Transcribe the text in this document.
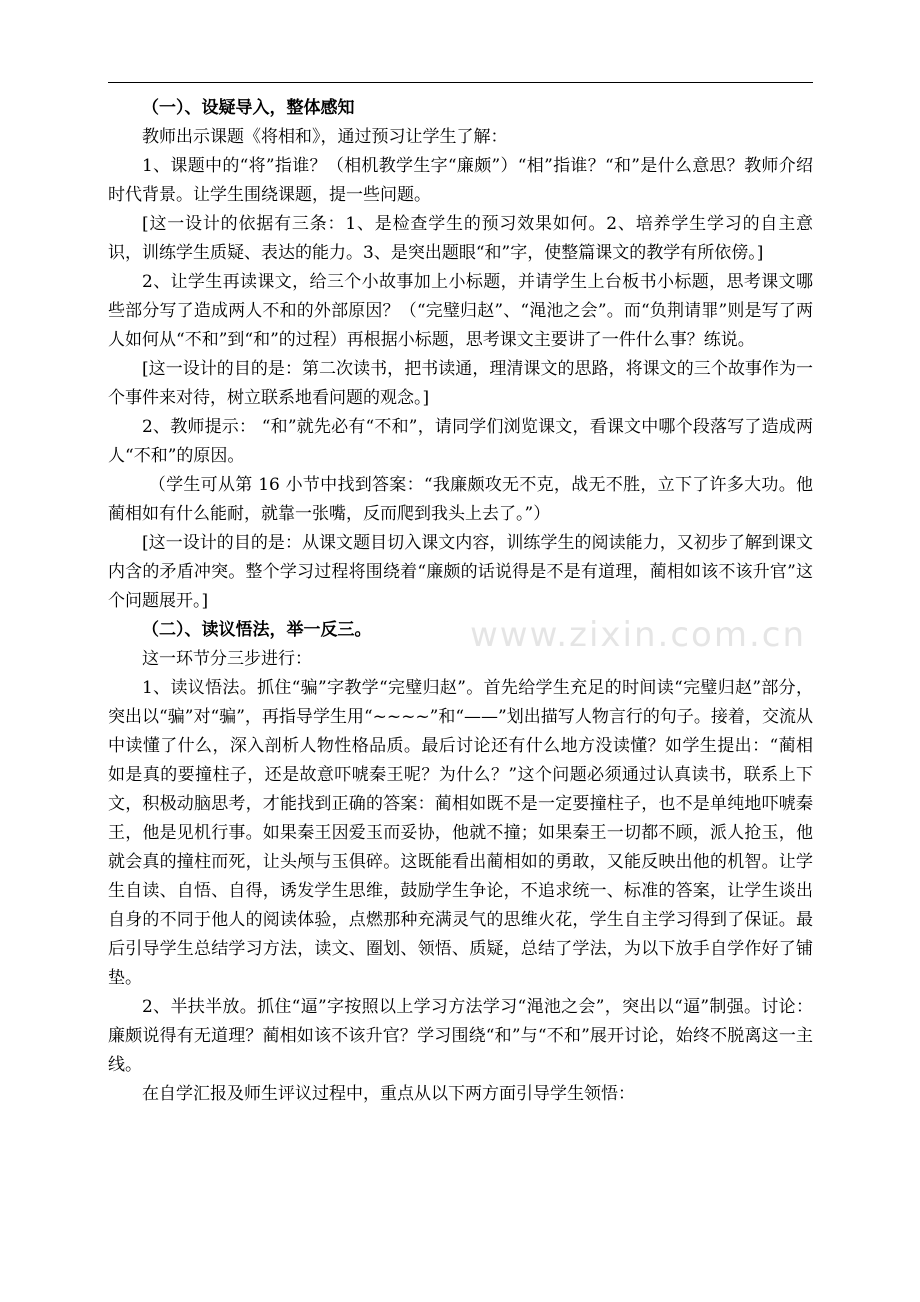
（一）、设疑导入，整体感知

教师出示课题《将相和》，通过预习让学生了解：

1、课题中的“将”指谁？（相机教学生字“廉颇”）“相”指谁？“和”是什么意思？教师介绍时代背景。让学生围绕课题，提一些问题。

[这一设计的依据有三条：1、是检查学生的预习效果如何。2、培养学生学习的自主意识，训练学生质疑、表达的能力。3、是突出题眼“和”字，使整篇课文的教学有所依傍。]

2、让学生再读课文，给三个小故事加上小标题，并请学生上台板书小标题，思考课文哪些部分写了造成两人不和的外部原因？（“完璧归赵”、“渑池之会”。而“负荆请罪”则是写了两人如何从“不和”到“和”的过程）再根据小标题，思考课文主要讲了一件什么事？练说。

[这一设计的目的是：第二次读书，把书读通，理清课文的思路，将课文的三个故事作为一个事件来对待，树立联系地看问题的观念。]

2、教师提示： “和”就先必有“不和”，请同学们浏览课文，看课文中哪个段落写了造成两人“不和”的原因。

（学生可从第 16 小节中找到答案：“我廉颇攻无不克，战无不胜，立下了许多大功。他蔺相如有什么能耐，就靠一张嘴，反而爬到我头上去了。”）

[这一设计的目的是：从课文题目切入课文内容，训练学生的阅读能力，又初步了解到课文内含的矛盾冲突。整个学习过程将围绕着“廉颇的话说得是不是有道理，蔺相如该不该升官”这个问题展开。]

（二）、读议悟法，举一反三。

这一环节分三步进行：

1、读议悟法。抓住“骗”字教学“完璧归赵”。首先给学生充足的时间读“完璧归赵”部分，突出以“骗”对“骗”，再指导学生用“~~~~”和“——”划出描写人物言行的句子。接着，交流从中读懂了什么，深入剖析人物性格品质。最后讨论还有什么地方没读懂？如学生提出：“蔺相如是真的要撞柱子，还是故意吓唬秦王呢？为什么？”这个问题必须通过认真读书，联系上下文，积极动脑思考，才能找到正确的答案：蔺相如既不是一定要撞柱子，也不是单纯地吓唬秦王，他是见机行事。如果秦王因爱玉而妥协，他就不撞；如果秦王一切都不顾，派人抢玉，他就会真的撞柱而死，让头颅与玉俱碎。这既能看出蔺相如的勇敢，又能反映出他的机智。让学生自读、自悟、自得，诱发学生思维，鼓励学生争论，不追求统一、标准的答案，让学生谈出自身的不同于他人的阅读体验，点燃那种充满灵气的思维火花，学生自主学习得到了保证。最后引导学生总结学习方法，读文、圈划、领悟、质疑，总结了学法，为以下放手自学作好了铺垫。

2、半扶半放。抓住“逼”字按照以上学习方法学习“渑池之会”，突出以“逼”制强。讨论：廉颇说得有无道理？蔺相如该不该升官？学习围绕“和”与“不和”展开讨论，始终不脱离这一主线。

在自学汇报及师生评议过程中，重点从以下两方面引导学生领悟：

www.zixin.com.cn
